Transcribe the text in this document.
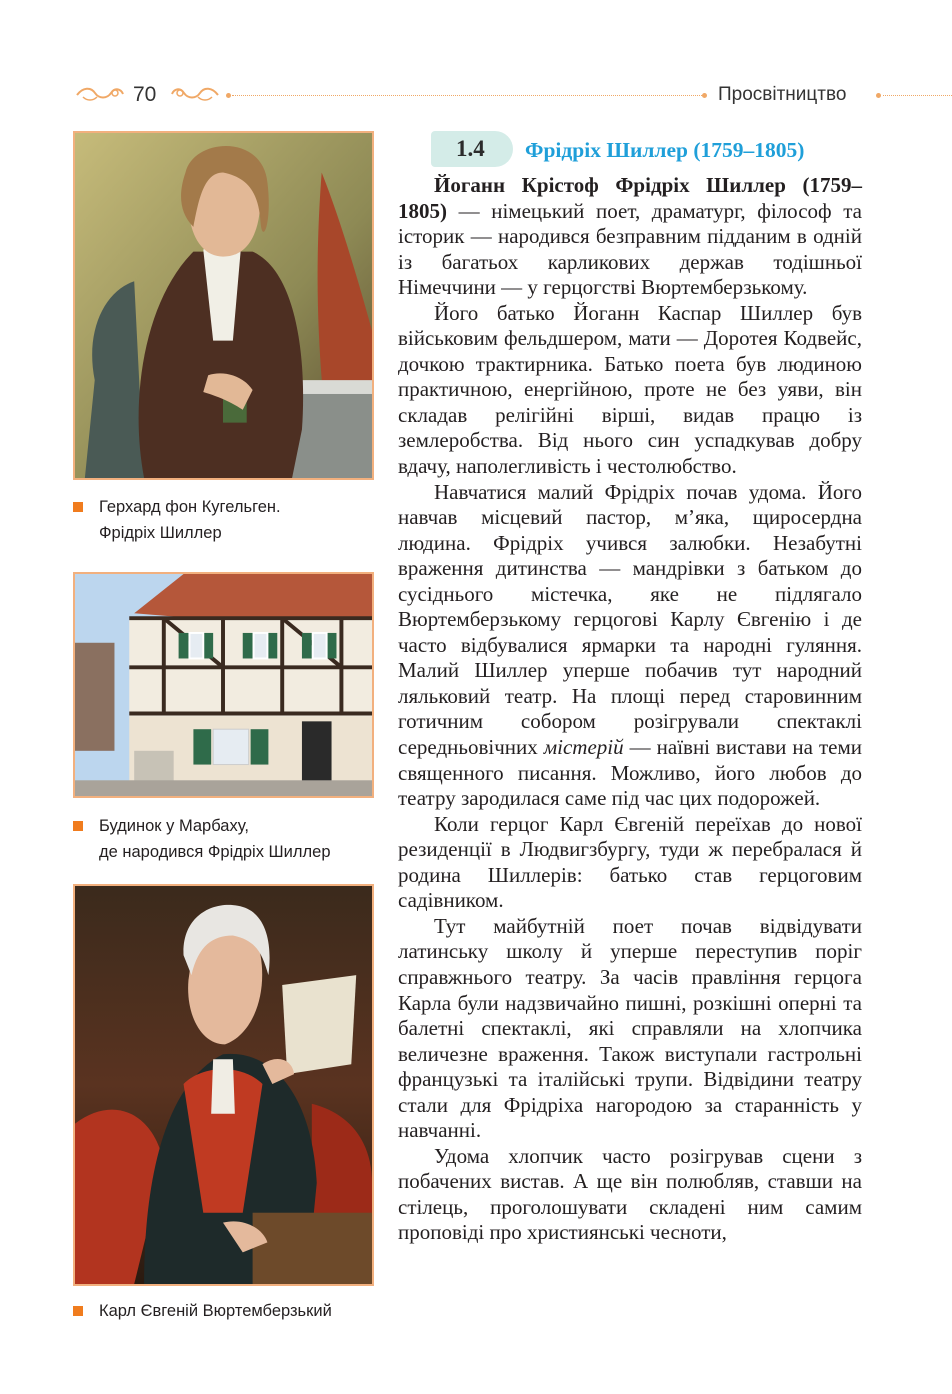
70	Просвітництво
Герхард фон Кугельген.
Фрідріх Шиллер
Будинок у Марбаху,
де народився Фрідріх Шиллер
Карл Євгеній Вюртемберзький
1.4	Фрідріх Шиллер (1759–1805)

Йоганн Крістоф Фрідріх Шиллер (1759–1805) — німецький поет, драматург, філософ та історик — народився безправним підданим в одній із багатьох карликових держав тодішньої Німеччини — у герцогстві Вюртемберзькому.

Його батько Йоганн Каспар Шиллер був військовим фельдшером, мати — Доротея Кодвейс, дочкою трактирника. Батько поета був людиною практичною, енергійною, проте не без уяви, він складав релігійні вірші, видав працю із землеробства. Від нього син успадкував добру вдачу, наполегливість і честолюбство.

Навчатися малий Фрідріх почав удома. Його навчав місцевий пастор, м’яка, щиросердна людина. Фрідріх учився залюбки. Незабутні враження дитинства — мандрівки з батьком до сусіднього містечка, яке не підлягало Вюртемберзькому герцогові Карлу Євгенію і де часто відбувалися ярмарки та народні гуляння. Малий Шиллер уперше побачив тут народний ляльковий театр. На площі перед старовинним готичним собором розігрували спектаклі середньовічних містерій — наївні вистави на теми священного писання. Можливо, його любов до театру зародилася саме під час цих подорожей.

Коли герцог Карл Євгеній переїхав до нової резиденції в Людвигзбургу, туди ж перебралася й родина Шиллерів: батько став герцоговим садівником.

Тут майбутній поет почав відвідувати латинську школу й уперше переступив поріг справжнього театру. За часів правління герцога Карла були надзвичайно пишні, розкішні оперні та балетні спектаклі, які справляли на хлопчика величезне враження. Також виступали гастрольні французькі та італійські трупи. Відвідини театру стали для Фрідріха нагородою за старанність у навчанні.

Удома хлопчик часто розігрував сцени з побачених вистав. А ще він полюбляв, ставши на стілець, проголошувати складені ним самим проповіді про християнські чесноти,
